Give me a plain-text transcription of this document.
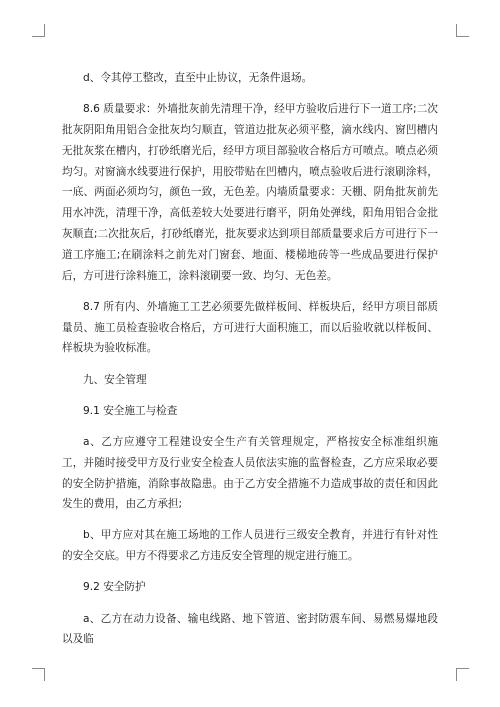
d、令其停工整改，直至中止协议，无条件退场。

8.6 质量要求：外墙批灰前先清理干净，经甲方验收后进行下一道工序;二次批灰阴阳角用铝合金批灰均匀顺直，管道边批灰必须平整，滴水线内、窗凹槽内无批灰浆在槽内，打砂纸磨光后，经甲方项目部验收合格后方可喷点。喷点必须均匀。对窗滴水线要进行保护，用胶带贴在凹槽内，喷点验收后进行滚刷涂料，一底、两面必须均匀，颜色一致，无色差。内墙质量要求：天棚、阴角批灰前先用水冲洗，清理干净，高低差较大处要进行磨平，阴角处弹线，阳角用铝合金批灰顺直;二次批灰后，打砂纸磨光，批灰要求达到项目部质量要求后方可进行下一道工序施工;在刷涂料之前先对门窗套、地面、楼梯地砖等一些成品要进行保护后，方可进行涂料施工，涂料滚刷要一致、均匀、无色差。

8.7 所有内、外墙施工工艺必须要先做样板间、样板块后，经甲方项目部质量员、施工员检查验收合格后，方可进行大面积施工，而以后验收就以样板间、样板块为验收标准。

九、安全管理

9.1 安全施工与检查

a、乙方应遵守工程建设安全生产有关管理规定，严格按安全标准组织施工，并随时接受甲方及行业安全检查人员依法实施的监督检查，乙方应采取必要的安全防护措施，消除事故隐患。由于乙方安全措施不力造成事故的责任和因此发生的费用，由乙方承担;

b、甲方应对其在施工场地的工作人员进行三级安全教育，并进行有针对性的安全交底。甲方不得要求乙方违反安全管理的规定进行施工。

9.2 安全防护

a、乙方在动力设备、输电线路、地下管道、密封防震车间、易燃易爆地段以及临
